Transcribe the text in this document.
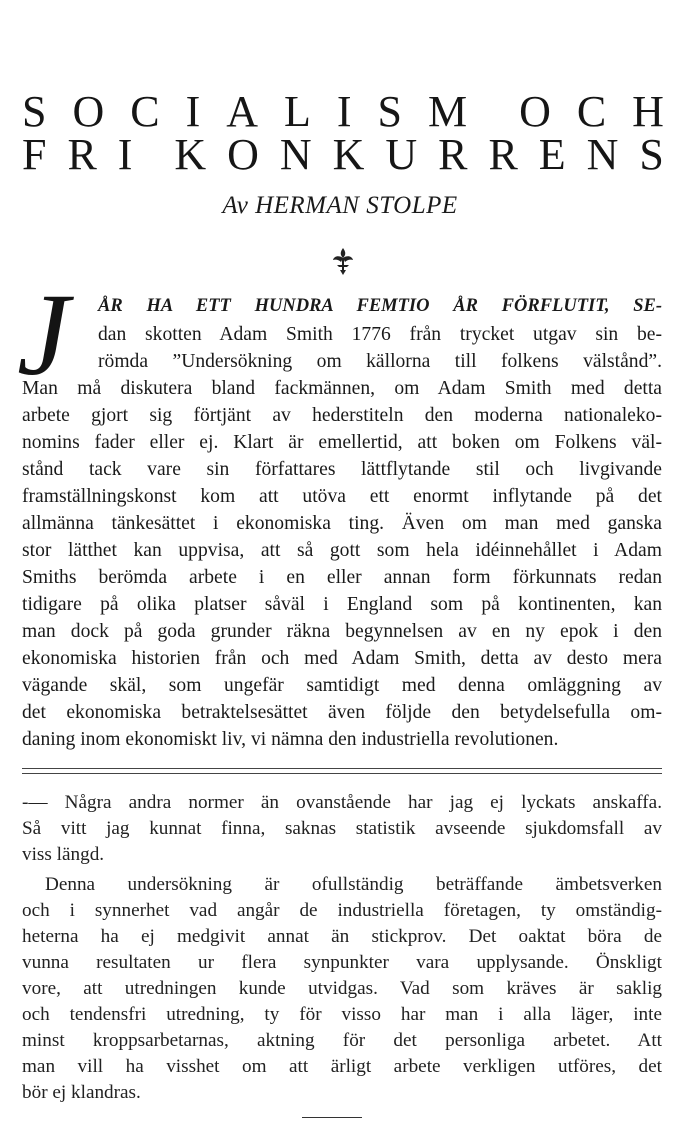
S O C I A L I S M O C H
F R I K O N K U R R E N S
Av HERMAN STOLPE
J ÅR HA ETT HUNDRA FEMTIO ÅR FÖRFLUTIT, SE-
dan skotten Adam Smith 1776 från trycket utgav sin be-
römda ”Undersökning om källorna till folkens välstånd”.
Man må diskutera bland fackmännen, om Adam Smith med detta
arbete gjort sig förtjänt av hederstiteln den moderna nationaleko-
nomins fader eller ej. Klart är emellertid, att boken om Folkens väl-
stånd tack vare sin författares lättflytande stil och livgivande
framställningskonst kom att utöva ett enormt inflytande på det
allmänna tänkesättet i ekonomiska ting. Även om man med ganska
stor lätthet kan uppvisa, att så gott som hela idéinnehållet i Adam
Smiths berömda arbete i en eller annan form förkunnats redan
tidigare på olika platser såväl i England som på kontinenten, kan
man dock på goda grunder räkna begynnelsen av en ny epok i den
ekonomiska historien från och med Adam Smith, detta av desto mera
vägande skäl, som ungefär samtidigt med denna omläggning av
det ekonomiska betraktelsesättet även följde den betydelsefulla om-
daning inom ekonomiskt liv, vi nämna den industriella revolutionen.
-— Några andra normer än ovanstående har jag ej lyckats anskaffa.
Så vitt jag kunnat finna, saknas statistik avseende sjukdomsfall av
viss längd.
Denna undersökning är ofullständig beträffande ämbetsverken
och i synnerhet vad angår de industriella företagen, ty omständig-
heterna ha ej medgivit annat än stickprov. Det oaktat böra de
vunna resultaten ur flera synpunkter vara upplysande. Önskligt
vore, att utredningen kunde utvidgas. Vad som kräves är saklig
och tendensfri utredning, ty för visso har man i alla läger, inte
minst kroppsarbetarnas, aktning för det personliga arbetet. Att
man vill ha visshet om att ärligt arbete verkligen utföres, det
bör ej klandras.
